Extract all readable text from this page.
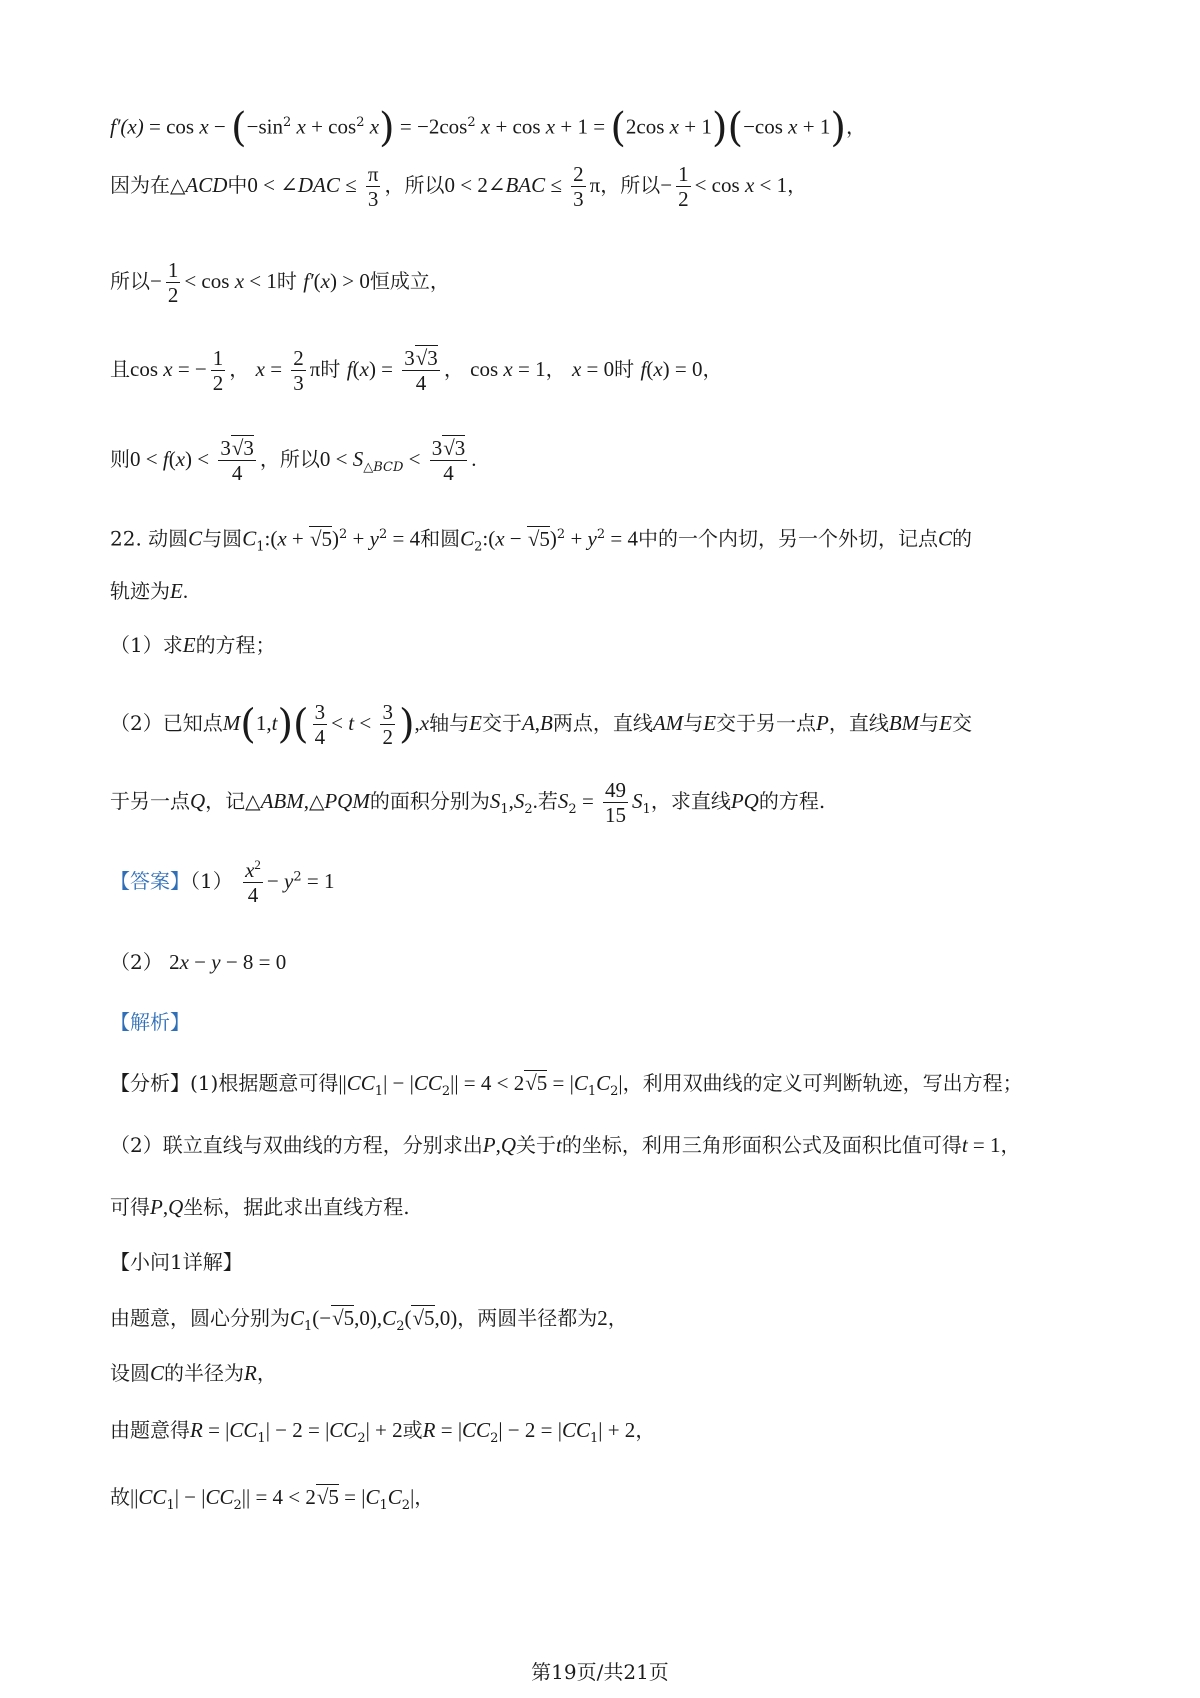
$f'(x) = \cos x - (-\sin^2$ $x + \cos^2 x) = -2\cos^2$ x + cos x + 1 = (2cos x + 1)(−cos x + 1)，
因为在△ACD中0 < ∠DAC ≤ $\frac{\pi}{3}$ ，所以0 < 2∠BAC ≤ $\frac{2}{3}$ π，所以− $\frac{1}{2} < \cos x < 1$，
所以− $\frac{1}{2} < \cos x < 1$时 f′(x) > 0恒成立，
且cos x = − $\frac{1}{2}$ ， $x = \frac{2}{3}$ π时 $f(x) = \frac{3√3}{4}$ ， cos x = 1， x = 0时 f(x) = 0，
则$0 < f(x) < \frac{3√3}{4}$ ，所以$0 < S_{\triangle BCD} < \frac{3√3}{4}$ .
22. 动圆C与圆$C_1:(x + √5)^2 + y^2 = 4$和圆$C_2:(x - √5)^2 + y^2 = 4$中的一个内切，另一个外切，记点C的
轨迹为E.
（1）求E的方程；
（2）已知点$M(1,t)( \frac{3}{4} < t < \frac{3}{2} ),x$轴与E交于A,B两点，直线AM与E交于另一点P，直线BM与E交
于另一点Q，记△ABM,△PQM的面积分别为$S_1,S_2$.若$S_2 = \frac{49}{15} S_1$，求直线PQ的方程.
【答案】$(1) \frac{x^2}{4} - y^2 = 1$
（2） 2x − y − 8 = 0
【解析】
【分析】(1)根据题意可得$||CC_1| - |CC_2|| = 4 < 2√5 = |C_1C_2|$，利用双曲线的定义可判断轨迹，写出方程；
（2）联立直线与双曲线的方程，分别求出P,Q关于t的坐标，利用三角形面积公式及面积比值可得t = 1，
可得P,Q坐标，据此求出直线方程.
【小问1详解】
由题意，圆心分别为$C_1(-√5,0),C_2(√5,0)$，两圆半径都为2，
设圆C的半径为R，
由题意得$R = |CC_1| - 2 = |CC_2| + 2$或$R = |CC_2| - 2 = |CC_1| + 2$，
故$||CC_1| - |CC_2|| = 4 < 2√5 = |C_1C_2|$，
第19页/共21页
